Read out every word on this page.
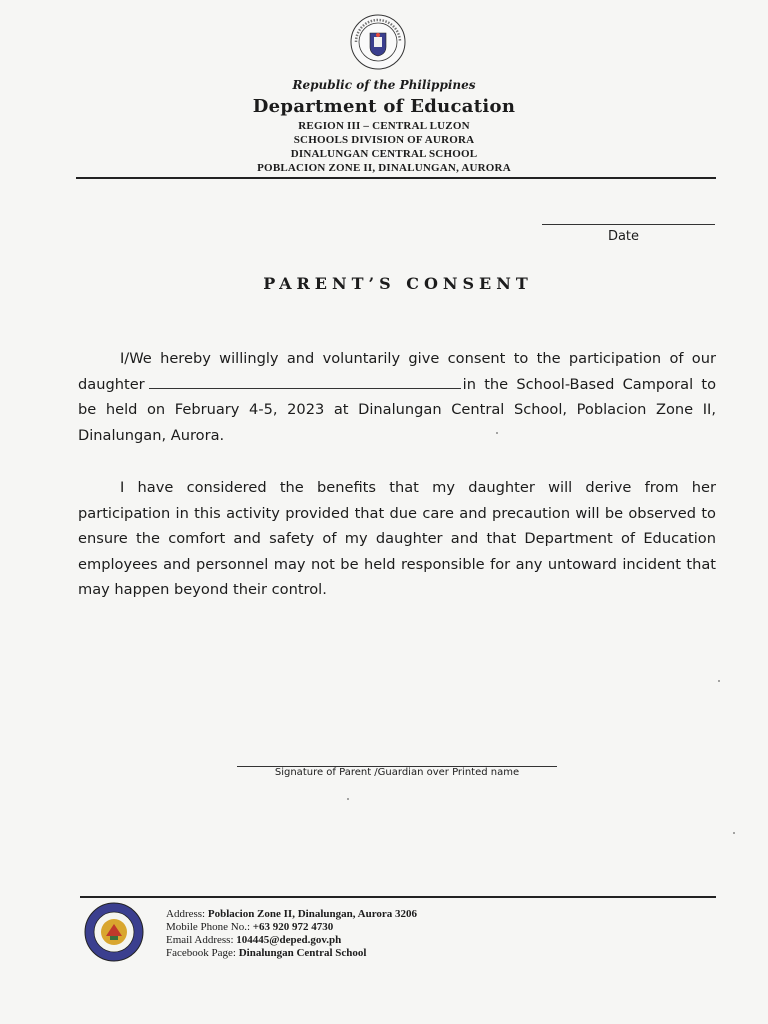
Republic of the Philippines
Department of Education
REGION III – CENTRAL LUZON
SCHOOLS DIVISION OF AURORA
DINALUNGAN CENTRAL SCHOOL
POBLACION ZONE II, DINALUNGAN, AURORA
Date
PARENT’S CONSENT
I/We hereby willingly and voluntarily give consent to the participation of our daughter	in the School-Based Camporal to be held on February 4-5, 2023 at Dinalungan Central School, Poblacion Zone II, Dinalungan, Aurora.
I have considered the benefits that my daughter will derive from her participation in this activity provided that due care and precaution will be observed to ensure the comfort and safety of my daughter and that Department of Education employees and personnel may not be held responsible for any untoward incident that may happen beyond their control.
Signature of Parent /Guardian over Printed name
Address: Poblacion Zone II, Dinalungan, Aurora 3206
Mobile Phone No.: +63 920 972 4730
Email Address: 104445@deped.gov.ph
Facebook Page: Dinalungan Central School
